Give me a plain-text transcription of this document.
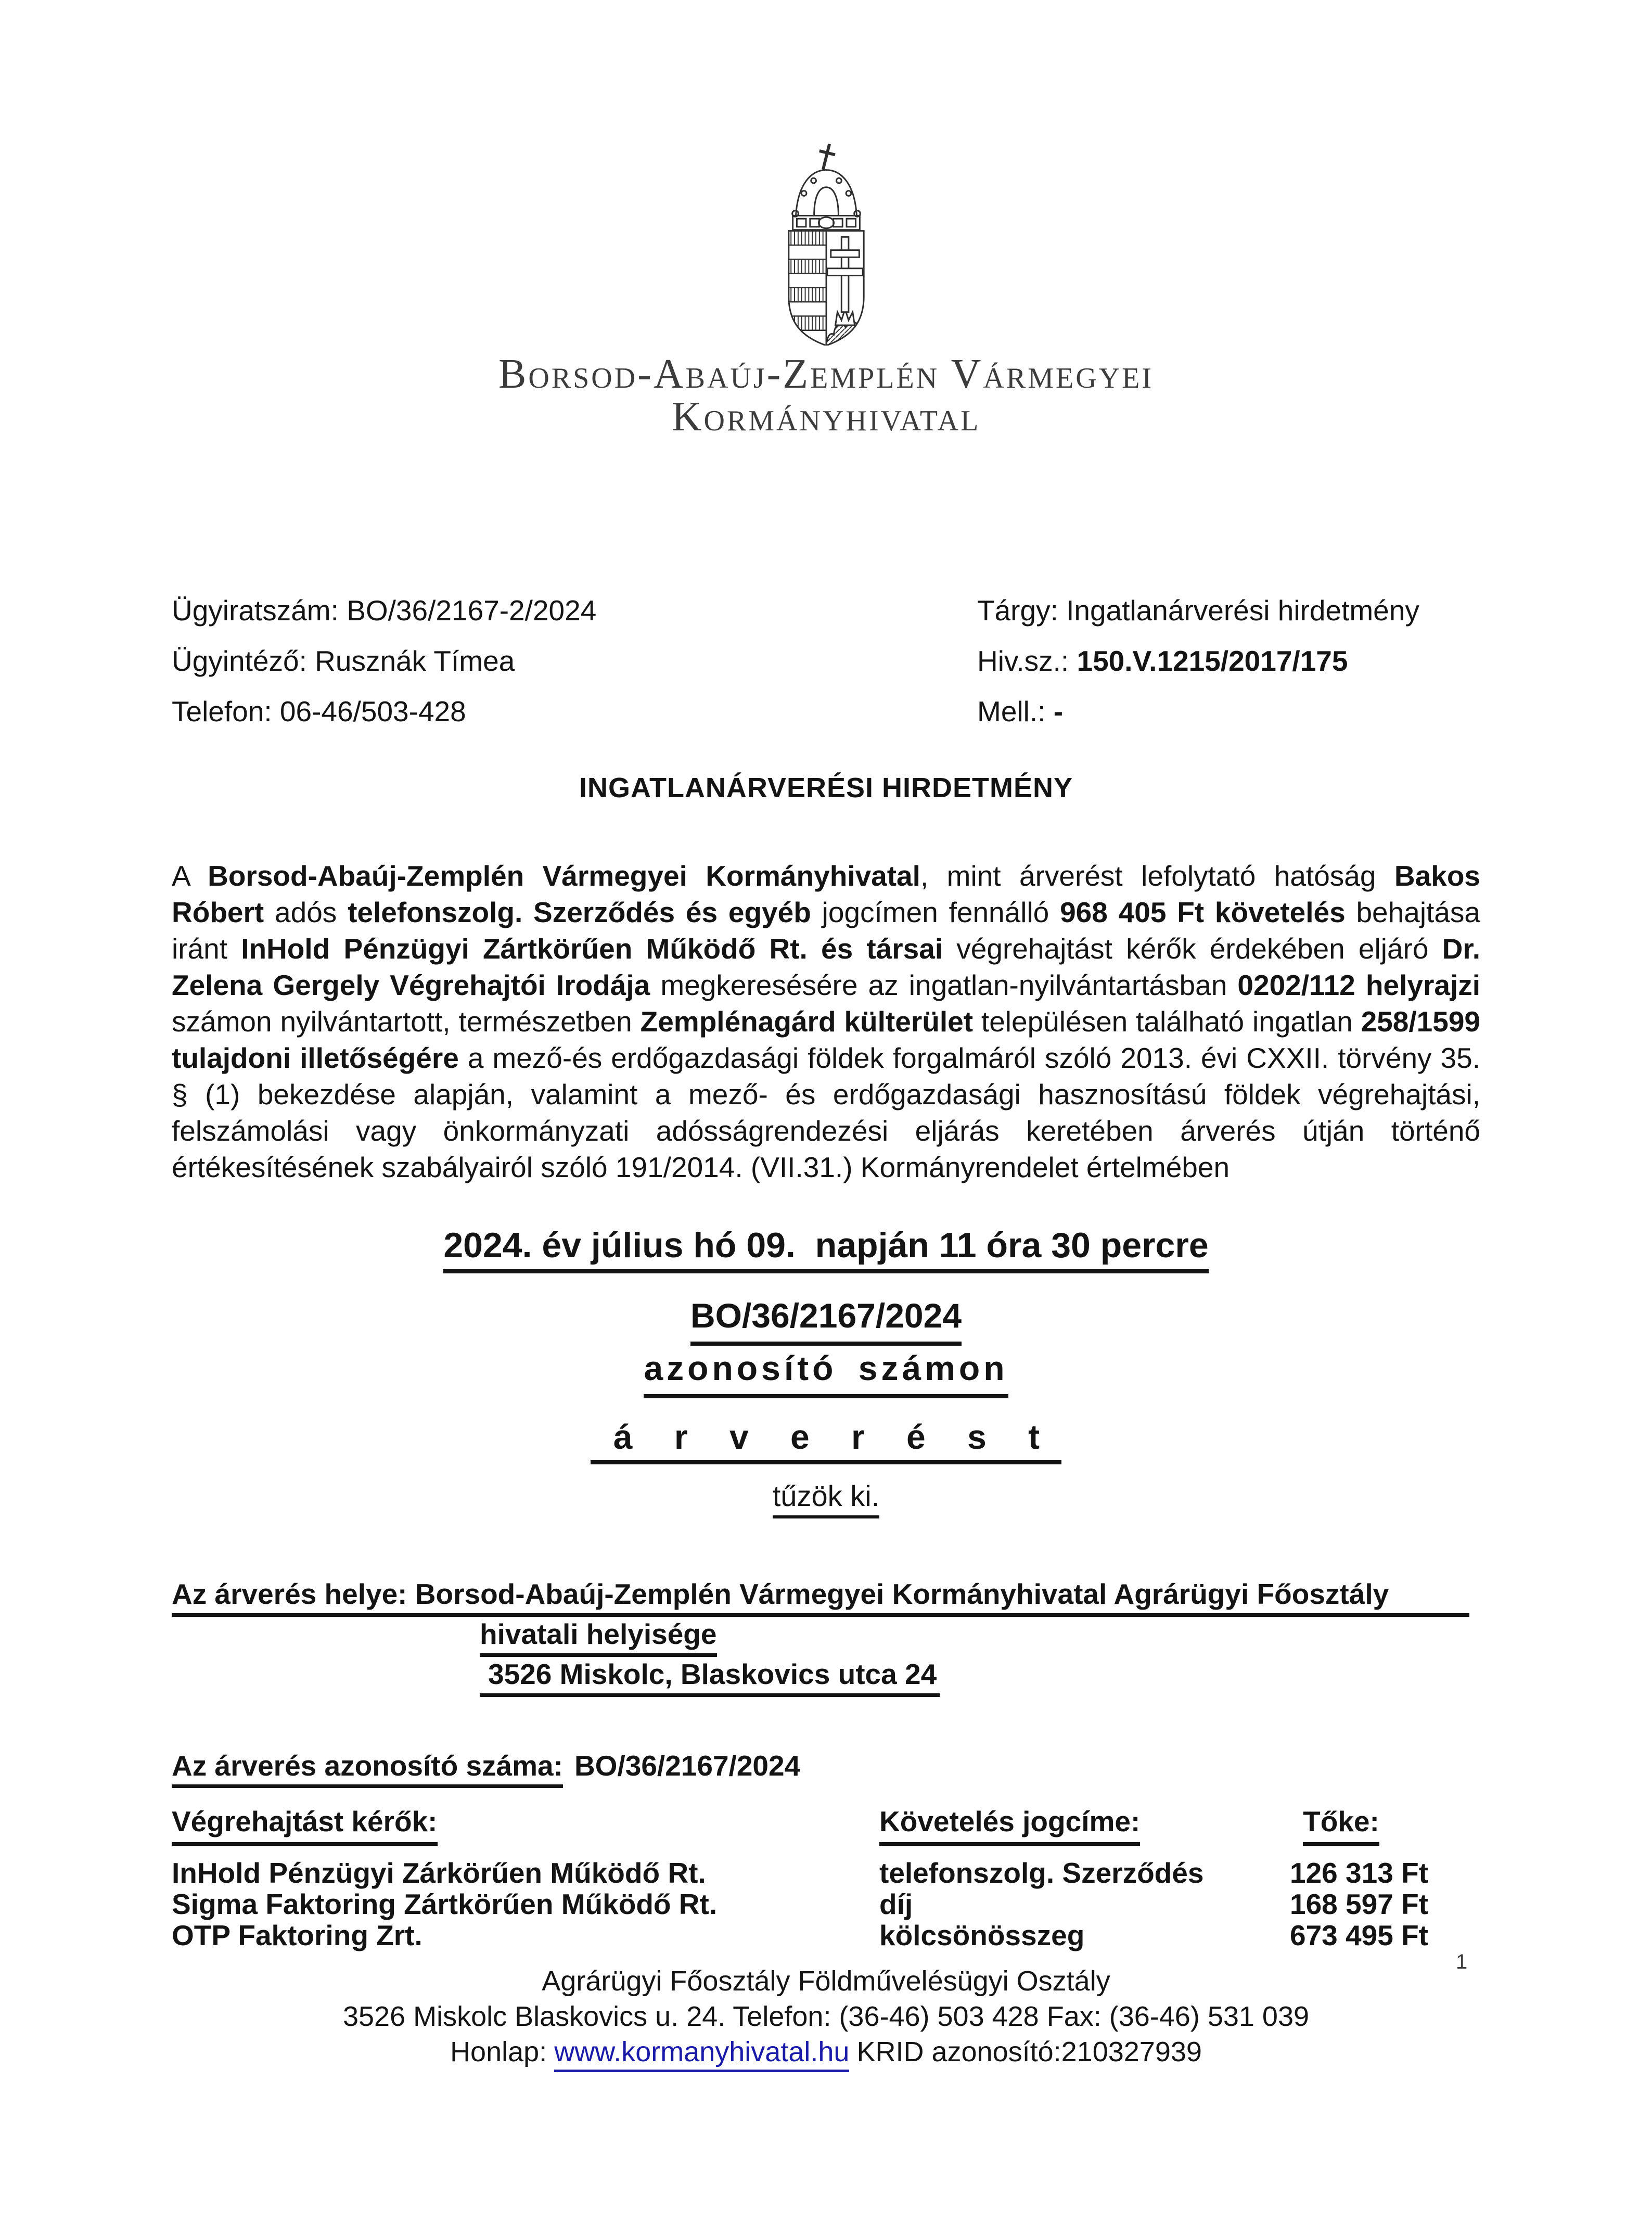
Borsod-Abaúj-Zemplén Vármegyei
Kormányhivatal
Ügyiratszám: BO/36/2167-2/2024
Ügyintéző: Rusznák Tímea
Telefon: 06-46/503-428
Tárgy: Ingatlanárverési hirdetmény
Hiv.sz.: 150.V.1215/2017/175
Mell.: -
INGATLANÁRVERÉSI HIRDETMÉNY

A Borsod-Abaúj-Zemplén Vármegyei Kormányhivatal, mint árverést lefolytató hatóság Bakos Róbert adós telefonszolg. Szerződés és egyéb jogcímen fennálló 968 405 Ft követelés behajtása iránt InHold Pénzügyi Zártkörűen Működő Rt. és társai végrehajtást kérők érdekében eljáró Dr. Zelena Gergely Végrehajtói Irodája megkeresésére az ingatlan-nyilvántartásban 0202/112 helyrajzi számon nyilvántartott, természetben Zemplénagárd külterület településen található ingatlan 258/1599 tulajdoni illetőségére a mező-és erdőgazdasági földek forgalmáról szóló 2013. évi CXXII. törvény 35. § (1) bekezdése alapján, valamint a mező- és erdőgazdasági hasznosítású földek végrehajtási, felszámolási vagy önkormányzati adósságrendezési eljárás keretében árverés útján történő értékesítésének szabályairól szóló 191/2014. (VII.31.) Kormányrendelet értelmében

2024. év július hó 09.  napján 11 óra 30 percre
BO/36/2167/2024
azonosító számon
á r v e r é s t
tűzök ki.
Az árverés helye: Borsod-Abaúj-Zemplén Vármegyei Kormányhivatal Agrárügyi Főosztály
hivatali helyisége
3526 Miskolc, Blaskovics utca 24
Az árverés azonosító száma: BO/36/2167/2024
Végrehajtást kérők:	Követelés jogcíme:	Tőke:
InHold Pénzügyi Zárkörűen Működő Rt.	telefonszolg. Szerződés	126 313 Ft
Sigma Faktoring Zártkörűen Működő Rt.	díj	168 597 Ft
OTP Faktoring Zrt.	kölcsönösszeg	673 495 Ft
Agrárügyi Főosztály Földművelésügyi Osztály
3526 Miskolc Blaskovics u. 24. Telefon: (36-46) 503 428 Fax: (36-46) 531 039
Honlap: www.kormanyhivatal.hu KRID azonosító:210327939
1
